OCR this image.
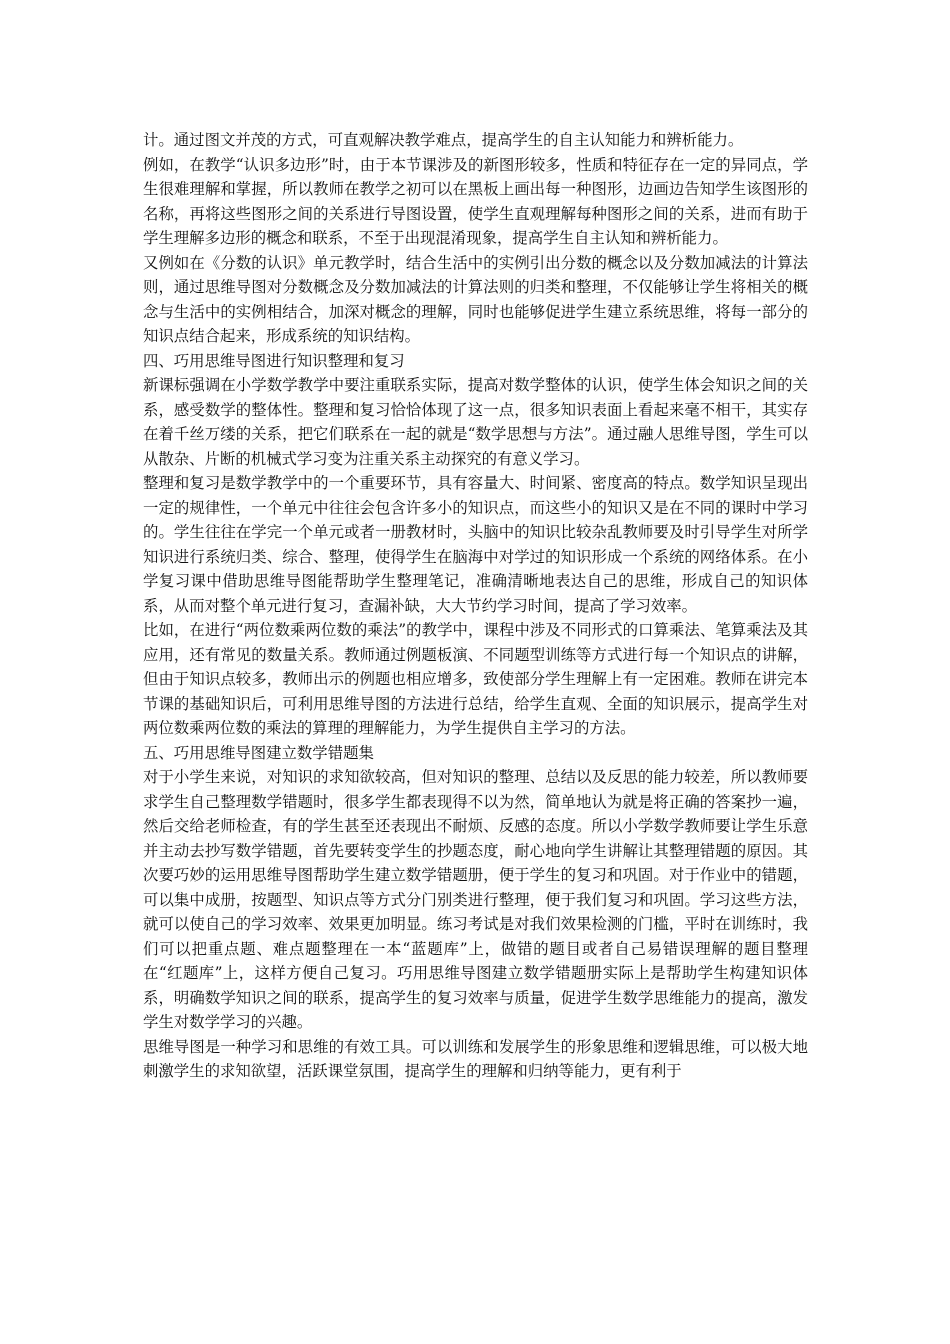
计。通过图文并茂的方式，可直观解决教学难点，提高学生的自主认知能力和辨析能力。

例如，在教学“认识多边形”时，由于本节课涉及的新图形较多，性质和特征存在一定的异同点，学生很难理解和掌握，所以教师在教学之初可以在黑板上画出每一种图形，边画边告知学生该图形的名称，再将这些图形之间的关系进行导图设置，使学生直观理解每种图形之间的关系，进而有助于学生理解多边形的概念和联系，不至于出现混淆现象，提高学生自主认知和辨析能力。

又例如在《分数的认识》单元教学时，结合生活中的实例引出分数的概念以及分数加减法的计算法则，通过思维导图对分数概念及分数加减法的计算法则的归类和整理，不仅能够让学生将相关的概念与生活中的实例相结合，加深对概念的理解，同时也能够促进学生建立系统思维，将每一部分的知识点结合起来，形成系统的知识结构。

四、巧用思维导图进行知识整理和复习

新课标强调在小学数学教学中要注重联系实际，提高对数学整体的认识，使学生体会知识之间的关系，感受数学的整体性。整理和复习恰恰体现了这一点，很多知识表面上看起来毫不相干，其实存在着千丝万缕的关系，把它们联系在一起的就是“数学思想与方法”。通过融人思维导图，学生可以从散杂、片断的机械式学习变为注重关系主动探究的有意义学习。

整理和复习是数学教学中的一个重要环节，具有容量大、时间紧、密度高的特点。数学知识呈现出一定的规律性，一个单元中往往会包含许多小的知识点，而这些小的知识又是在不同的课时中学习的。学生往往在学完一个单元或者一册教材时，头脑中的知识比较杂乱教师要及时引导学生对所学知识进行系统归类、综合、整理，使得学生在脑海中对学过的知识形成一个系统的网络体系。在小学复习课中借助思维导图能帮助学生整理笔记，准确清晰地表达自己的思维，形成自己的知识体系，从而对整个单元进行复习，查漏补缺，大大节约学习时间，提高了学习效率。

比如，在进行“两位数乘两位数的乘法”的教学中，课程中涉及不同形式的口算乘法、笔算乘法及其应用，还有常见的数量关系。教师通过例题板演、不同题型训练等方式进行每一个知识点的讲解，但由于知识点较多，教师出示的例题也相应增多，致使部分学生理解上有一定困难。教师在讲完本节课的基础知识后，可利用思维导图的方法进行总结，给学生直观、全面的知识展示，提高学生对两位数乘两位数的乘法的算理的理解能力，为学生提供自主学习的方法。

五、巧用思维导图建立数学错题集

对于小学生来说，对知识的求知欲较高，但对知识的整理、总结以及反思的能力较差，所以教师要求学生自己整理数学错题时，很多学生都表现得不以为然，简单地认为就是将正确的答案抄一遍，然后交给老师检查，有的学生甚至还表现出不耐烦、反感的态度。所以小学数学教师要让学生乐意并主动去抄写数学错题，首先要转变学生的抄题态度，耐心地向学生讲解让其整理错题的原因。其次要巧妙的运用思维导图帮助学生建立数学错题册，便于学生的复习和巩固。对于作业中的错题，可以集中成册，按题型、知识点等方式分门别类进行整理，便于我们复习和巩固。学习这些方法，就可以使自己的学习效率、效果更加明显。练习考试是对我们效果检测的门槛，平时在训练时，我们可以把重点题、难点题整理在一本“蓝题库”上，做错的题目或者自己易错误理解的题目整理在“红题库”上，这样方便自己复习。巧用思维导图建立数学错题册实际上是帮助学生构建知识体系，明确数学知识之间的联系，提高学生的复习效率与质量，促进学生数学思维能力的提高，激发学生对数学学习的兴趣。

思维导图是一种学习和思维的有效工具。可以训练和发展学生的形象思维和逻辑思维，可以极大地刺激学生的求知欲望，活跃课堂氛围，提高学生的理解和归纳等能力，更有利于
